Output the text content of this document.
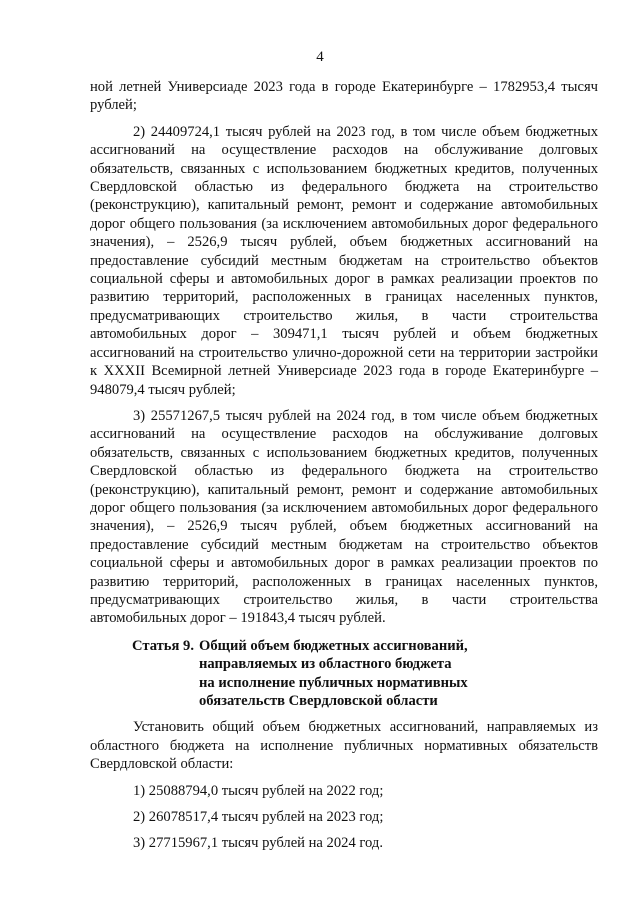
4

ной летней Универсиаде 2023 года в городе Екатеринбурге – 1782953,4 тысяч рублей;

2) 24409724,1 тысяч рублей на 2023 год, в том числе объем бюджетных ассигнований на осуществление расходов на обслуживание долговых обязательств, связанных с использованием бюджетных кредитов, полученных Свердловской областью из федерального бюджета на строительство (реконструкцию), капитальный ремонт, ремонт и содержание автомобильных дорог общего пользования (за исключением автомобильных дорог федерального значения), – 2526,9 тысяч рублей, объем бюджетных ассигнований на предоставление субсидий местным бюджетам на строительство объектов социальной сферы и автомобильных дорог в рамках реализации проектов по развитию территорий, расположенных в границах населенных пунктов, предусматривающих строительство жилья, в части строительства автомобильных дорог – 309471,1 тысяч рублей и объем бюджетных ассигнований на строительство улично-дорожной сети на территории застройки к XXXII Всемирной летней Универсиаде 2023 года в городе Екатеринбурге – 948079,4 тысяч рублей;

3) 25571267,5 тысяч рублей на 2024 год, в том числе объем бюджетных ассигнований на осуществление расходов на обслуживание долговых обязательств, связанных с использованием бюджетных кредитов, полученных Свердловской областью из федерального бюджета на строительство (реконструкцию), капитальный ремонт, ремонт и содержание автомобильных дорог общего пользования (за исключением автомобильных дорог федерального значения), – 2526,9 тысяч рублей, объем бюджетных ассигнований на предоставление субсидий местным бюджетам на строительство объектов социальной сферы и автомобильных дорог в рамках реализации проектов по развитию территорий, расположенных в границах населенных пунктов, предусматривающих строительство жилья, в части строительства автомобильных дорог – 191843,4 тысяч рублей.

Статья 9. Общий объем бюджетных ассигнований,
направляемых из областного бюджета
на исполнение публичных нормативных
обязательств Свердловской области

Установить общий объем бюджетных ассигнований, направляемых из областного бюджета на исполнение публичных нормативных обязательств Свердловской области:

1) 25088794,0 тысяч рублей на 2022 год;

2) 26078517,4 тысяч рублей на 2023 год;

3) 27715967,1 тысяч рублей на 2024 год.
